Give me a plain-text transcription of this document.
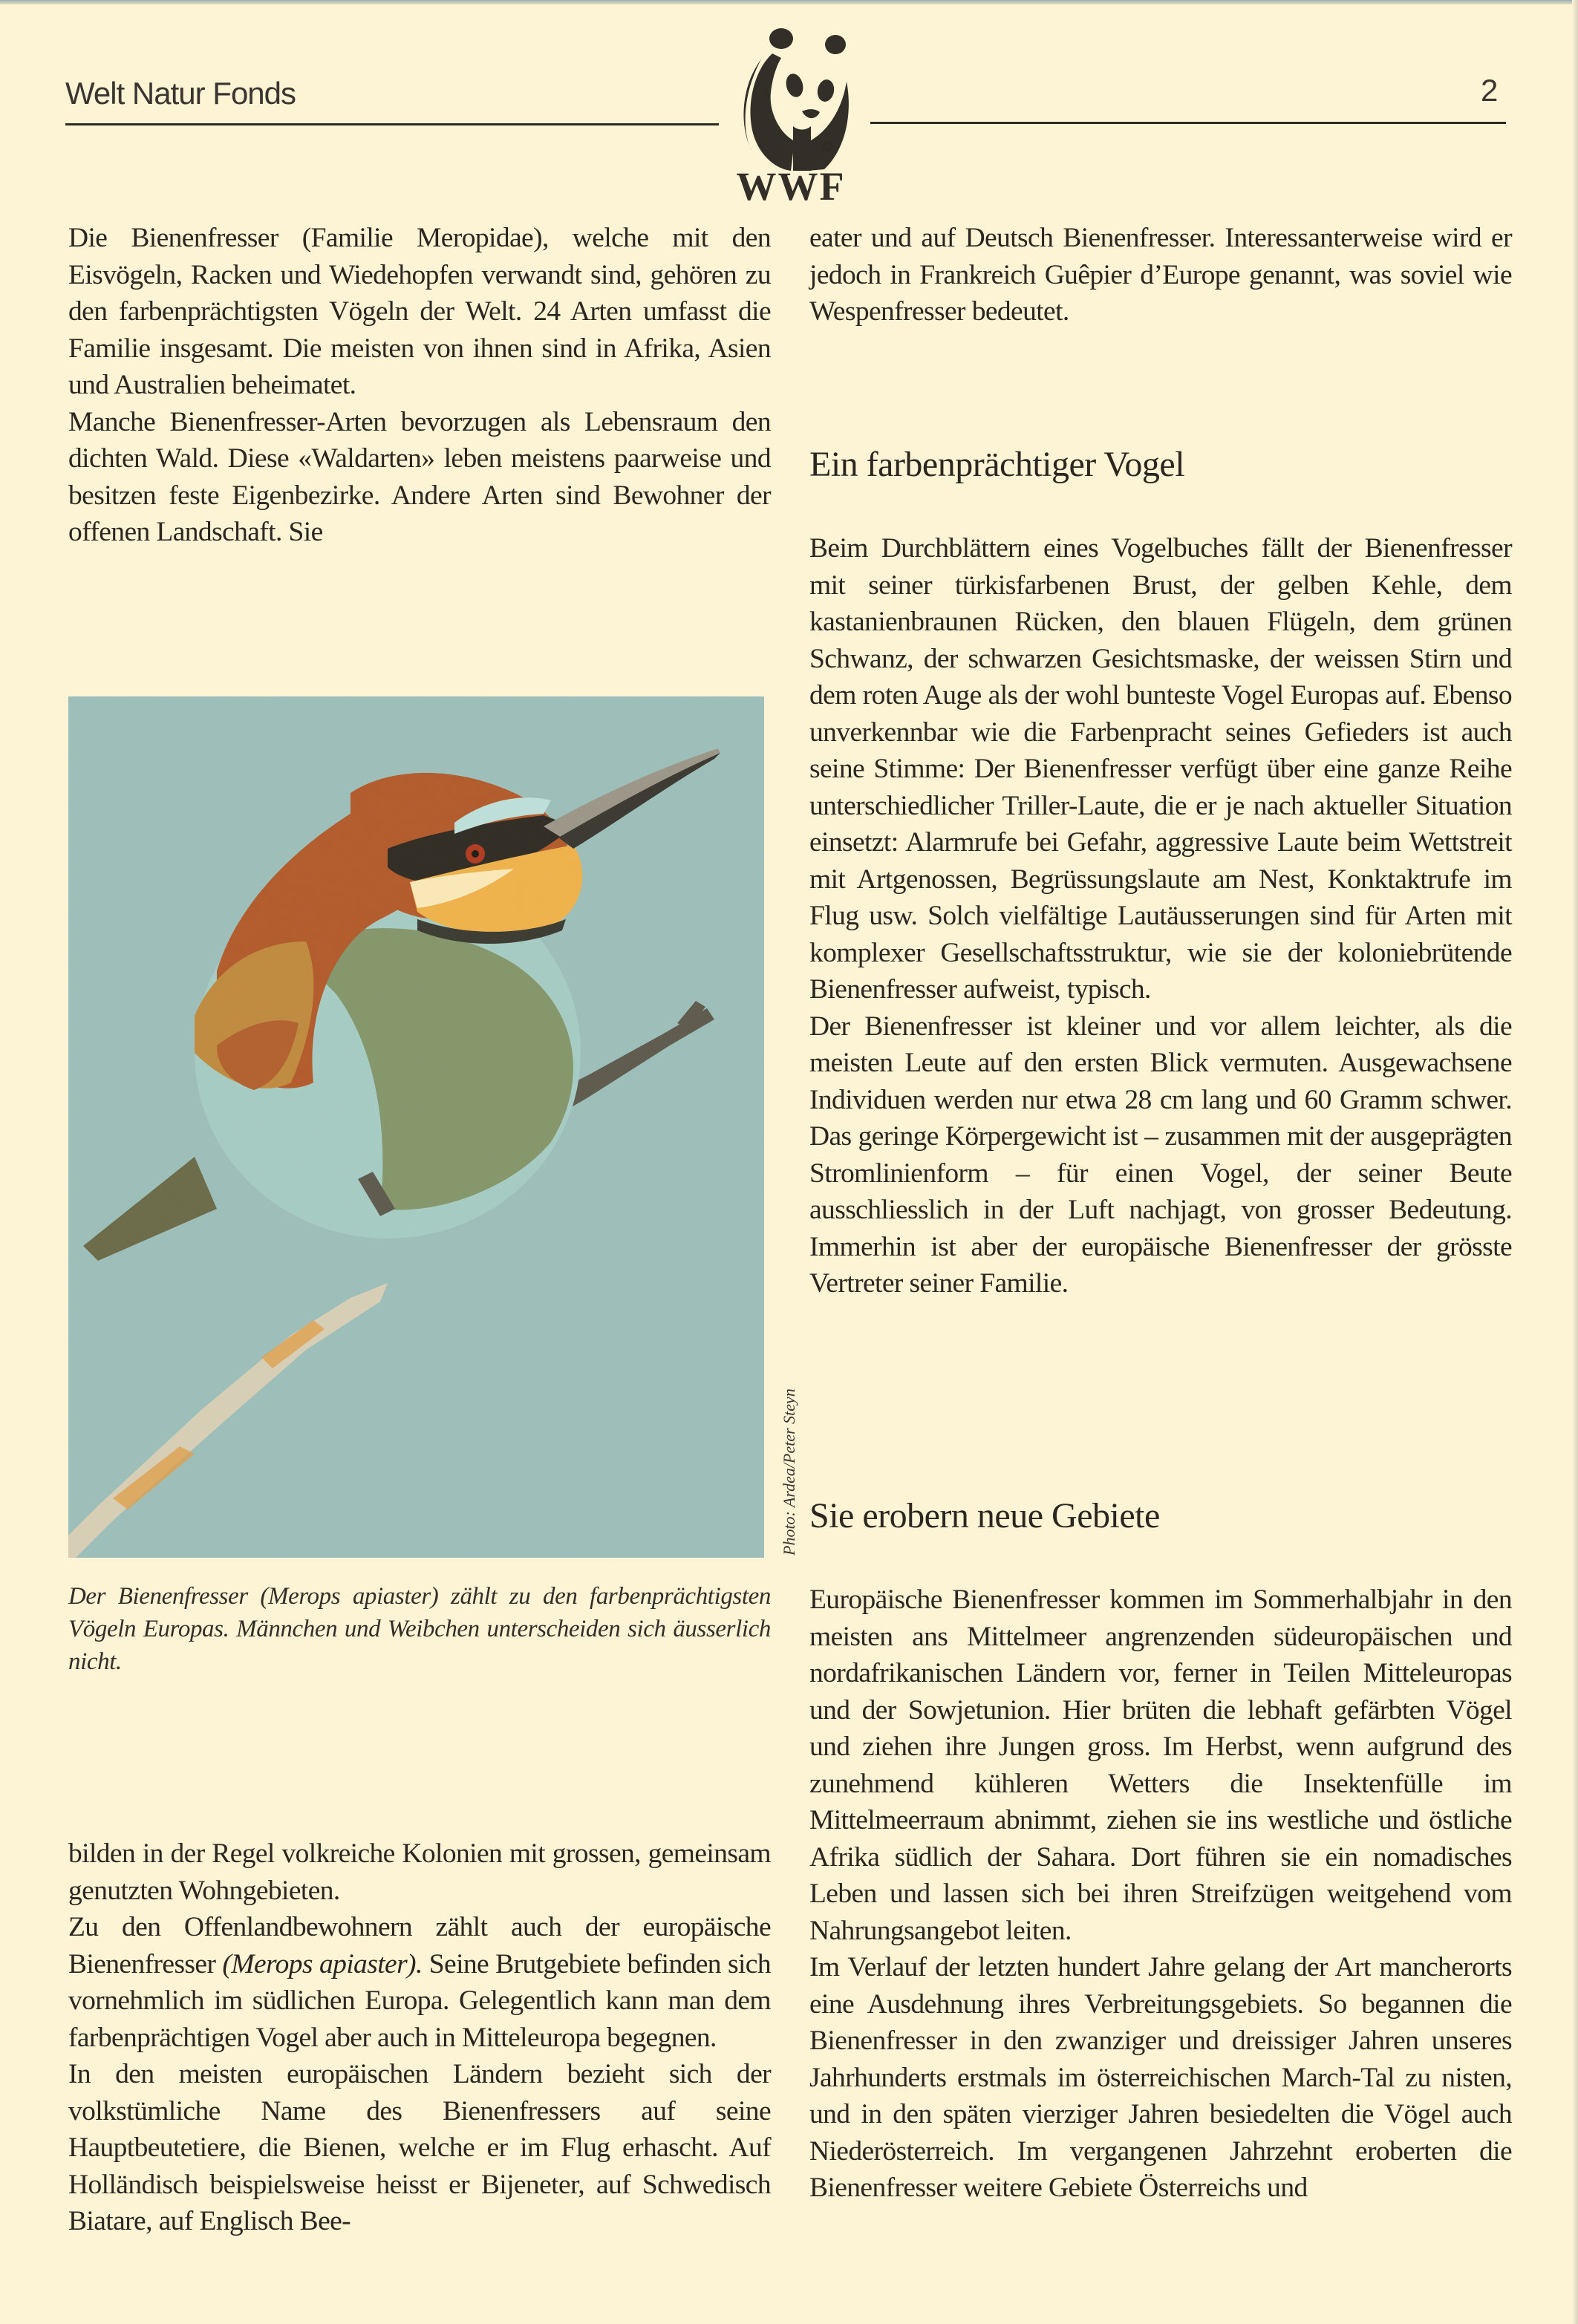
Welt Natur Fonds	2
©
WWF

Die Bienenfresser (Familie Meropidae), welche mit den Eisvögeln, Racken und Wiedehopfen verwandt sind, gehören zu den farbenprächtigsten Vögeln der Welt. 24 Arten umfasst die Familie insgesamt. Die meisten von ihnen sind in Afrika, Asien und Australien beheimatet.

Manche Bienenfresser-Arten bevorzugen als Lebensraum den dichten Wald. Diese «Waldarten» leben meistens paarweise und besitzen feste Eigenbezirke. Andere Arten sind Bewohner der offenen Landschaft. Sie

Photo: Ardea/Peter Steyn
Der Bienenfresser (Merops apiaster) zählt zu den farbenprächtigsten Vögeln Europas. Männchen und Weibchen unterscheiden sich äusserlich nicht.

bilden in der Regel volkreiche Kolonien mit grossen, gemeinsam genutzten Wohngebieten.

Zu den Offenlandbewohnern zählt auch der europäische Bienenfresser (Merops apiaster). Seine Brutgebiete befinden sich vornehmlich im südlichen Europa. Gelegentlich kann man dem farbenprächtigen Vogel aber auch in Mitteleuropa begegnen.

In den meisten europäischen Ländern bezieht sich der volkstümliche Name des Bienenfressers auf seine Hauptbeutetiere, die Bienen, welche er im Flug erhascht. Auf Holländisch beispielsweise heisst er Bijeneter, auf Schwedisch Biatare, auf Englisch Bee-

eater und auf Deutsch Bienenfresser. Interessanterweise wird er jedoch in Frankreich Guêpier d’Europe genannt, was soviel wie Wespenfresser bedeutet.

Ein farbenprächtiger Vogel

Beim Durchblättern eines Vogelbuches fällt der Bienenfresser mit seiner türkisfarbenen Brust, der gelben Kehle, dem kastanienbraunen Rücken, den blauen Flügeln, dem grünen Schwanz, der schwarzen Gesichtsmaske, der weissen Stirn und dem roten Auge als der wohl bunteste Vogel Europas auf. Ebenso unverkennbar wie die Farbenpracht seines Gefieders ist auch seine Stimme: Der Bienenfresser verfügt über eine ganze Reihe unterschiedlicher Triller-Laute, die er je nach aktueller Situation einsetzt: Alarmrufe bei Gefahr, aggressive Laute beim Wettstreit mit Artgenossen, Begrüssungslaute am Nest, Konktaktrufe im Flug usw. Solch vielfältige Lautäusserungen sind für Arten mit komplexer Gesellschaftsstruktur, wie sie der koloniebrütende Bienenfresser aufweist, typisch.

Der Bienenfresser ist kleiner und vor allem leichter, als die meisten Leute auf den ersten Blick vermuten. Ausgewachsene Individuen werden nur etwa 28 cm lang und 60 Gramm schwer. Das geringe Körpergewicht ist – zusammen mit der ausgeprägten Stromlinienform – für einen Vogel, der seiner Beute ausschliesslich in der Luft nachjagt, von grosser Bedeutung. Immerhin ist aber der europäische Bienenfresser der grösste Vertreter seiner Familie.

Sie erobern neue Gebiete

Europäische Bienenfresser kommen im Sommerhalbjahr in den meisten ans Mittelmeer angrenzenden südeuropäischen und nordafrikanischen Ländern vor, ferner in Teilen Mitteleuropas und der Sowjetunion. Hier brüten die lebhaft gefärbten Vögel und ziehen ihre Jungen gross. Im Herbst, wenn aufgrund des zunehmend kühleren Wetters die Insektenfülle im Mittelmeerraum abnimmt, ziehen sie ins westliche und östliche Afrika südlich der Sahara. Dort führen sie ein nomadisches Leben und lassen sich bei ihren Streifzügen weitgehend vom Nahrungsangebot leiten.

Im Verlauf der letzten hundert Jahre gelang der Art mancherorts eine Ausdehnung ihres Verbreitungsgebiets. So begannen die Bienenfresser in den zwanziger und dreissiger Jahren unseres Jahrhunderts erstmals im österreichischen March-Tal zu nisten, und in den späten vierziger Jahren besiedelten die Vögel auch Niederösterreich. Im vergangenen Jahrzehnt eroberten die Bienenfresser weitere Gebiete Österreichs und
